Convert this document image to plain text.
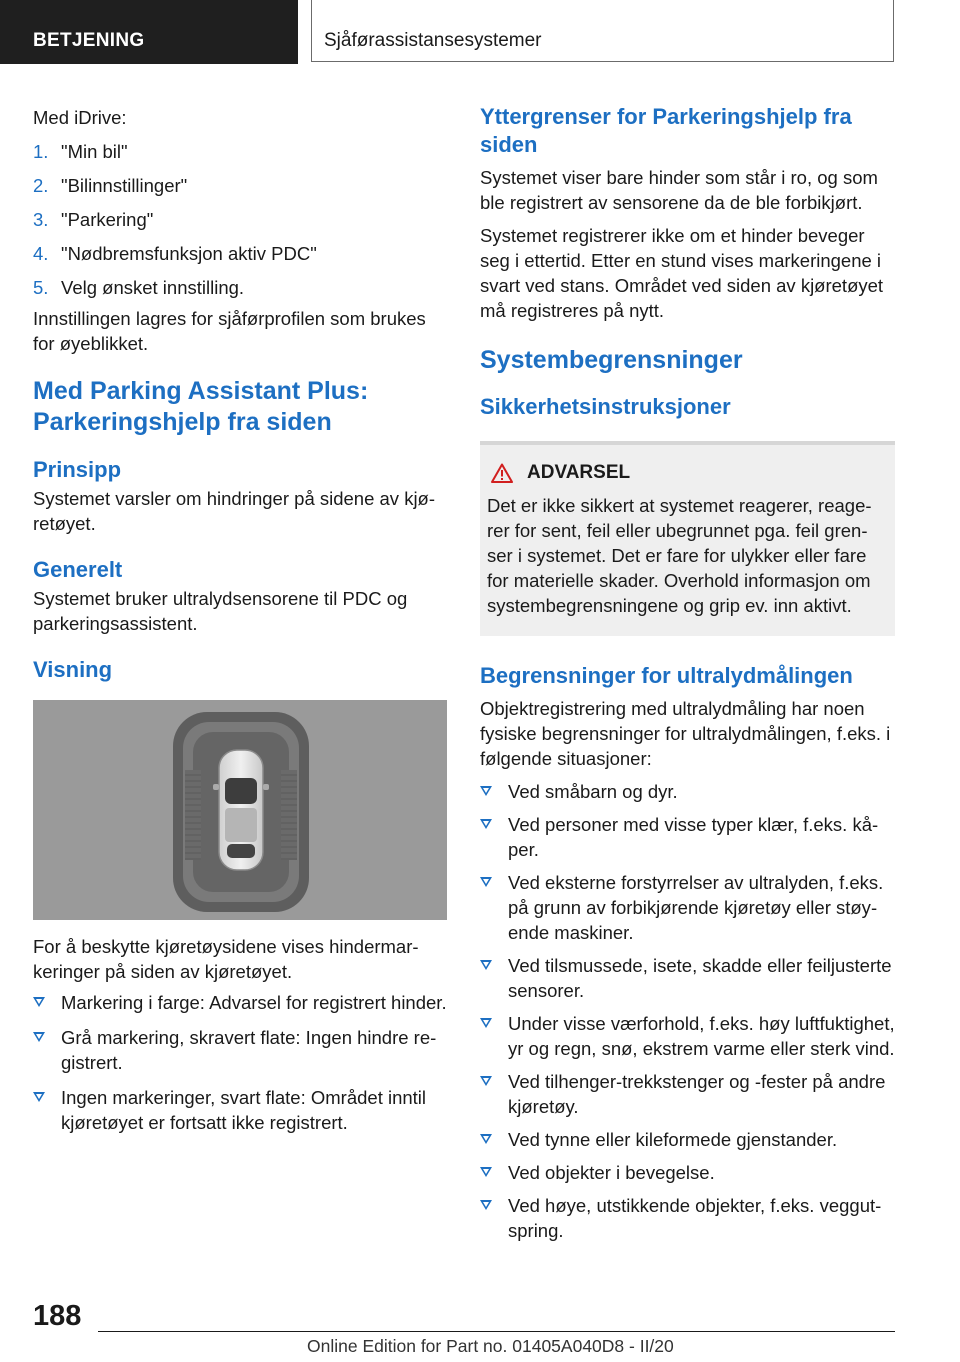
BETJENING	Sjåførassistansesystemer

Med iDrive:

1. "Min bil"
2. "Bilinnstillinger"
3. "Parkering"
4. "Nødbremsfunksjon aktiv PDC"
5. Velg ønsket innstilling.

Innstillingen lagres for sjåførprofilen som brukes for øyeblikket.

Med Parking Assistant Plus: Parkeringshjelp fra siden
Prinsipp

Systemet varsler om hindringer på sidene av kjøretøyet.

Generelt

Systemet bruker ultralydsensorene til PDC og parkeringsassistent.

Visning

For å beskytte kjøretøysidene vises hindermarkeringer på siden av kjøretøyet.

Markering i farge: Advarsel for registrert hinder.
Grå markering, skravert flate: Ingen hindre registrert.
Ingen markeringer, svart flate: Området inntil kjøretøyet er fortsatt ikke registrert.
Yttergrenser for Parkeringshjelp fra siden

Systemet viser bare hinder som står i ro, og som ble registrert av sensorene da de ble forbikjørt.

Systemet registrerer ikke om et hinder beveger seg i ettertid. Etter en stund vises markeringene i svart ved stans. Området ved siden av kjøretøyet må registreres på nytt.

Systembegrensninger
Sikkerhetsinstruksjoner
ADVARSEL

Det er ikke sikkert at systemet reagerer, reagerer for sent, feil eller ubegrunnet pga. feil grenser i systemet. Det er fare for ulykker eller fare for materielle skader. Overhold informasjon om systembegrensningene og grip ev. inn aktivt.

Begrensninger for ultralydmålingen

Objektregistrering med ultralydmåling har noen fysiske begrensninger for ultralydmålingen, f.eks. i følgende situasjoner:

Ved småbarn og dyr.
Ved personer med visse typer klær, f.eks. kåper.
Ved eksterne forstyrrelser av ultralyden, f.eks. på grunn av forbikjørende kjøretøy eller støyende maskiner.
Ved tilsmussede, isete, skadde eller feiljusterte sensorer.
Under visse værforhold, f.eks. høy luftfuktighet, yr og regn, snø, ekstrem varme eller sterk vind.
Ved tilhenger-trekkstenger og -fester på andre kjøretøy.
Ved tynne eller kileformede gjenstander.
Ved objekter i bevegelse.
Ved høye, utstikkende objekter, f.eks. veggutspring.
188
Online Edition for Part no. 01405A040D8 - II/20
